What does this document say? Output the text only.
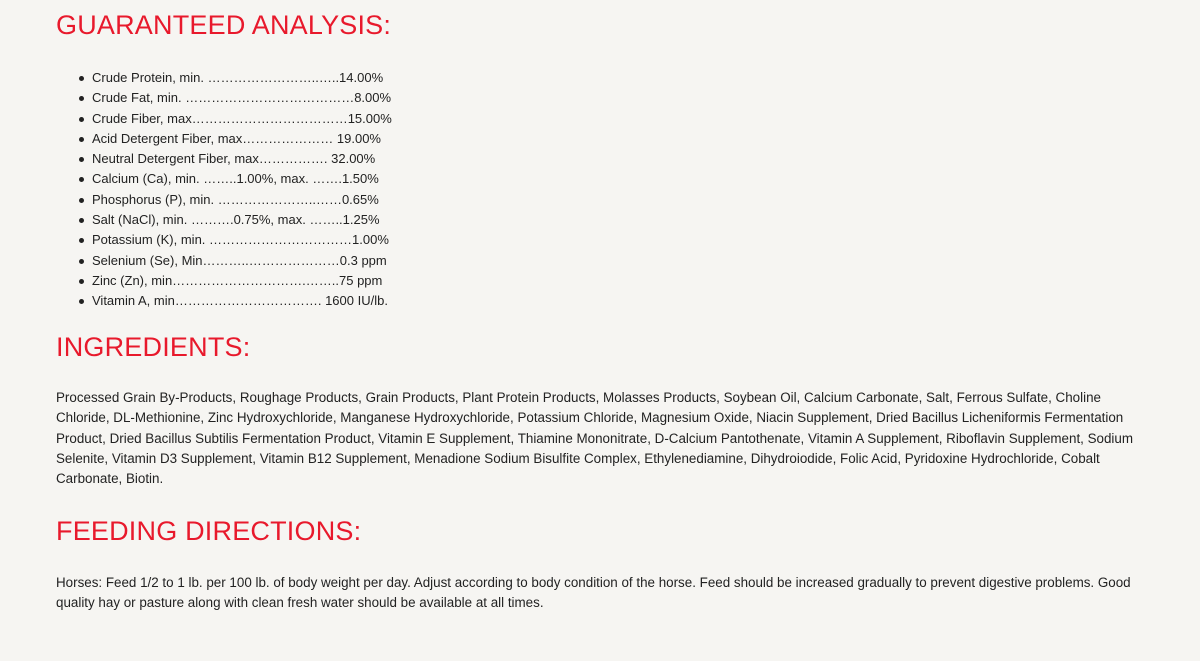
GUARANTEED ANALYSIS:
Crude Protein, min. ……………………..…..14.00%
Crude Fat, min. …………………………………8.00%
Crude Fiber, max………………………………15.00%
Acid Detergent Fiber, max………………… 19.00%
Neutral Detergent Fiber, max……………. 32.00%
Calcium (Ca), min. ……..1.00%, max. …….1.50%
Phosphorus (P), min. …………………..……0.65%
Salt (NaCl), min. ……….0.75%, max. ……..1.25%
Potassium (K), min. ……………………………1.00%
Selenium (Se), Min………..…………………0.3 ppm
Zinc (Zn), min………………………….……..75 ppm
Vitamin A, min……………………………. 1600 IU/lb.
INGREDIENTS:

Processed Grain By-Products, Roughage Products, Grain Products, Plant Protein Products, Molasses Products, Soybean Oil, Calcium Carbonate, Salt, Ferrous Sulfate, Choline Chloride, DL-Methionine, Zinc Hydroxychloride, Manganese Hydroxychloride, Potassium Chloride, Magnesium Oxide, Niacin Supplement, Dried Bacillus Licheniformis Fermentation Product, Dried Bacillus Subtilis Fermentation Product, Vitamin E Supplement, Thiamine Mononitrate, D-Calcium Pantothenate, Vitamin A Supplement, Riboflavin Supplement, Sodium Selenite, Vitamin D3 Supplement, Vitamin B12 Supplement, Menadione Sodium Bisulfite Complex, Ethylenediamine, Dihydroiodide, Folic Acid, Pyridoxine Hydrochloride, Cobalt Carbonate, Biotin.

FEEDING DIRECTIONS:

Horses: Feed 1/2 to 1 lb. per 100 lb. of body weight per day. Adjust according to body condition of the horse. Feed should be increased gradually to prevent digestive problems. Good quality hay or pasture along with clean fresh water should be available at all times.
